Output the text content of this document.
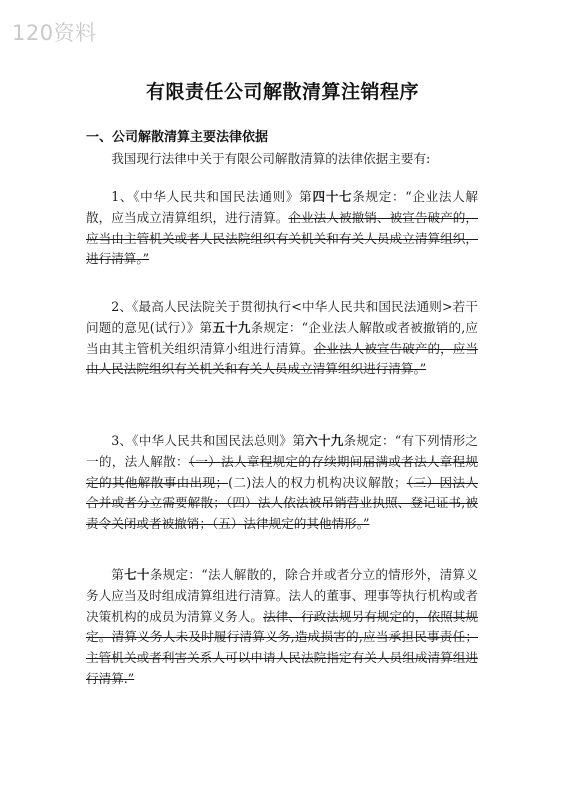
120资料
有限责任公司解散清算注销程序
一、公司解散清算主要法律依据

我国现行法律中关于有限公司解散清算的法律依据主要有:

1、《中华人民共和国民法通则》第四十七条规定：“企业法人解散，应当成立清算组织，进行清算。企业法人被撤销、被宣告破产的，应当由主管机关或者人民法院组织有关机关和有关人员成立清算组织，进行清算。”

2、《最高人民法院关于贯彻执行<中华人民共和国民法通则>若干问题的意见(试行）》第五十九条规定：“企业法人解散或者被撤销的,应当由其主管机关组织清算小组进行清算。企业法人被宣告破产的，应当由人民法院组织有关机关和有关人员成立清算组织进行清算。”

3、《中华人民共和国民法总则》第六十九条规定：“有下列情形之一的，法人解散：（一）法人章程规定的存续期间届满或者法人章程规定的其他解散事由出现；(二)法人的权力机构决议解散；（三）因法人合并或者分立需要解散；（四）法人依法被吊销营业执照、登记证书,被责令关闭或者被撤销；（五）法律规定的其他情形。”

第七十条规定：“法人解散的，除合并或者分立的情形外，清算义务人应当及时组成清算组进行清算。法人的董事、理事等执行机构或者决策机构的成员为清算义务人。法律、行政法规另有规定的，依照其规定。清算义务人未及时履行清算义务,造成损害的,应当承担民事责任；主管机关或者利害关系人可以申请人民法院指定有关人员组成清算组进行清算.”
